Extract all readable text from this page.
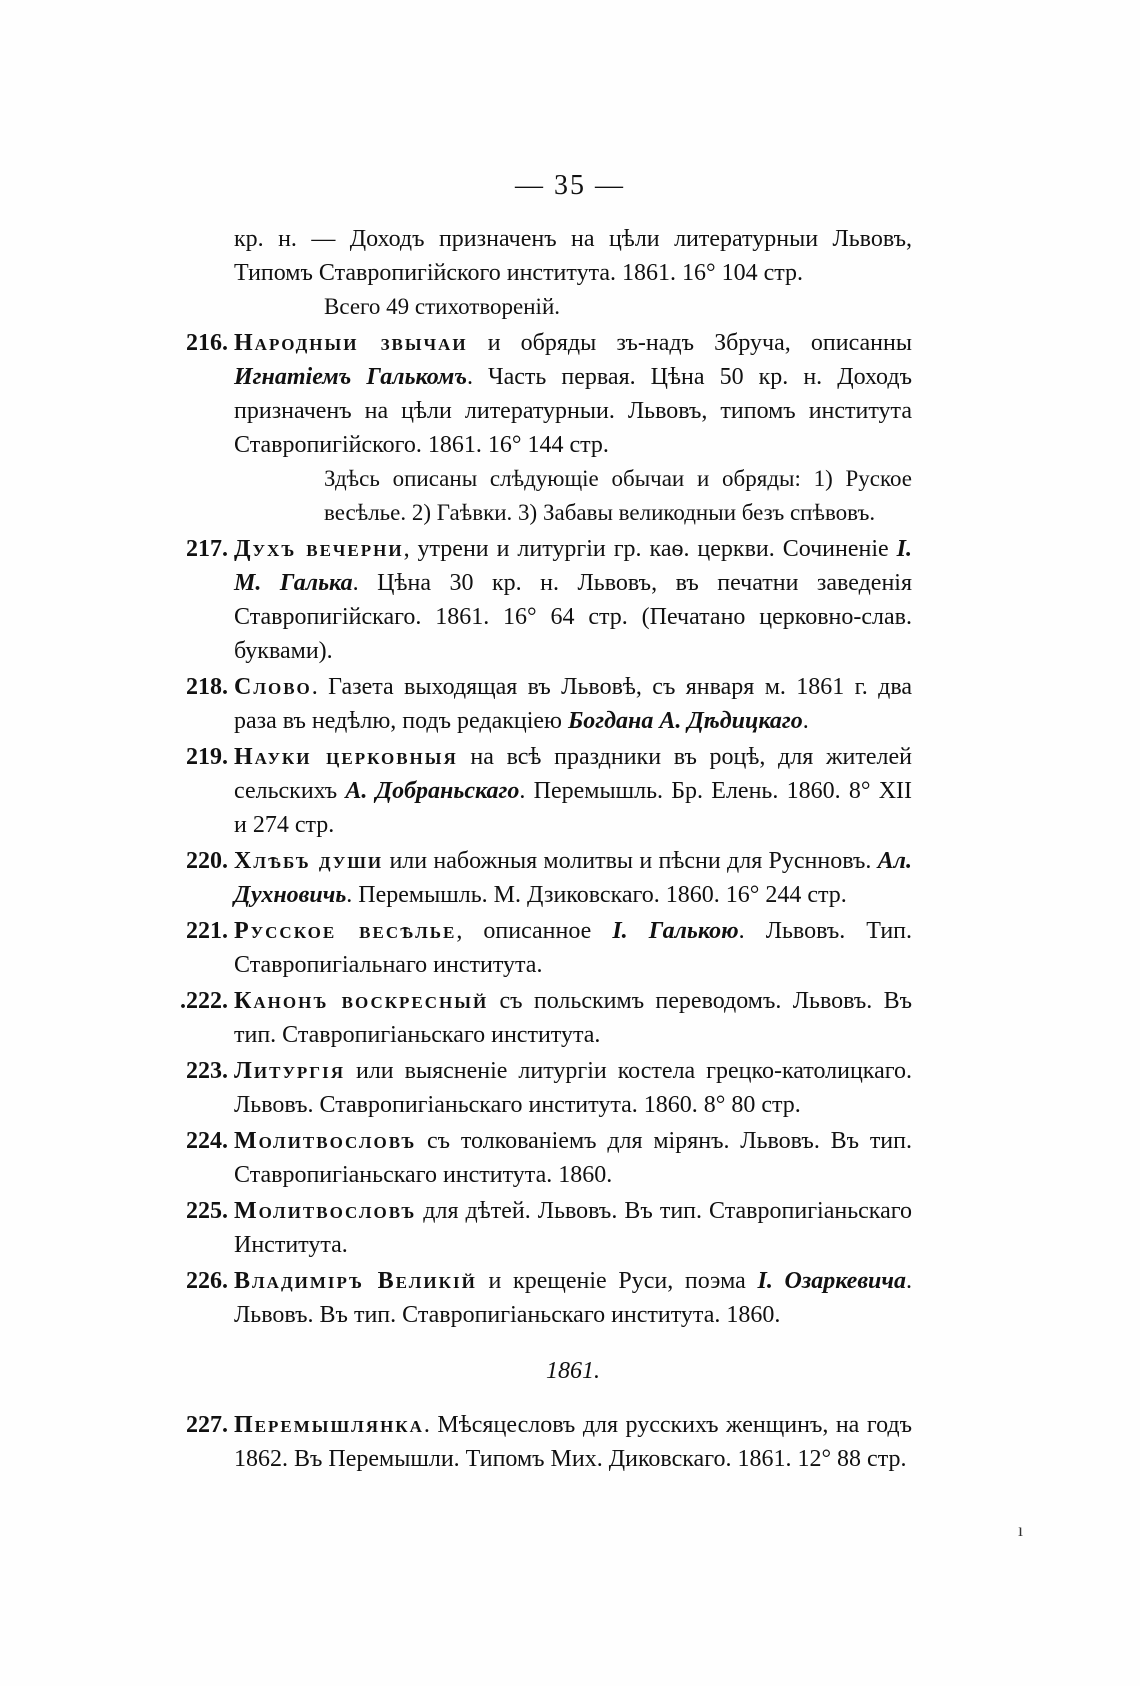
— 35 —
кр. н. — Доходъ призначенъ на цѣли литературныи Львовъ, Типомъ Ставропигійского института. 1861. 16° 104 стр.
Всего 49 стихотвореній.
216. Народныи звычаи и обряды зъ-надъ Збруча, описанны Игнатіемъ Галькомъ. Часть первая. Цѣна 50 кр. н. Доходъ призначенъ на цѣли литературныи. Львовъ, типомъ института Ставропигійского. 1861. 16° 144 стр.
Здѣсь описаны слѣдующіе обычаи и обряды: 1) Руское весѣлье. 2) Гаѣвки. 3) Забавы великодныи безъ спѣвовъ.
217. Духъ вечерни, утрени и литургіи гр. каѳ. церкви. Сочиненіе І. М. Галька. Цѣна 30 кр. н. Львовъ, въ печатни заведенія Ставропигійскаго. 1861. 16° 64 стр. (Печатано церковно-слав. буквами).
218. Слово. Газета выходящая въ Львовѣ, съ января м. 1861 г. два раза въ недѣлю, подъ редакціею Богдана А. Дѣдицкаго.
219. Науки церковныя на всѣ праздники въ роцѣ, для жителей сельскихъ А. Добраньскаго. Перемышль. Бр. Елень. 1860. 8° XII и 274 стр.
220. Хлѣбъ души или набожныя молитвы и пѣсни для Руснновъ. Ал. Духновичь. Перемышль. М. Дзиковскаго. 1860. 16° 244 стр.
221. Русское весѣлье, описанное І. Галькою. Львовъ. Тип. Ставропигіальнаго института.
.222. Канонъ воскресный съ польскимъ переводомъ. Львовъ. Въ тип. Ставропигіаньскаго института.
223. Литургія или выясненіе литургіи костела грецко-католицкаго. Львовъ. Ставропигіаньскаго института. 1860. 8° 80 стр.
224. Молитвословъ съ толкованіемъ для мірянъ. Львовъ. Въ тип. Ставропигіаньскаго института. 1860.
225. Молитвословъ для дѣтей. Львовъ. Въ тип. Ставропигіаньскаго Института.
226. Владиміръ Великій и крещеніе Руси, поэма І. Озаркевича. Львовъ. Въ тип. Ставропигіаньскаго института. 1860.
1861.
227. Перемышлянка. Мѣсяцесловъ для русскихъ женщинъ, на годъ 1862. Въ Перемышли. Типомъ Мих. Диковскаго. 1861. 12° 88 стр.
ı
